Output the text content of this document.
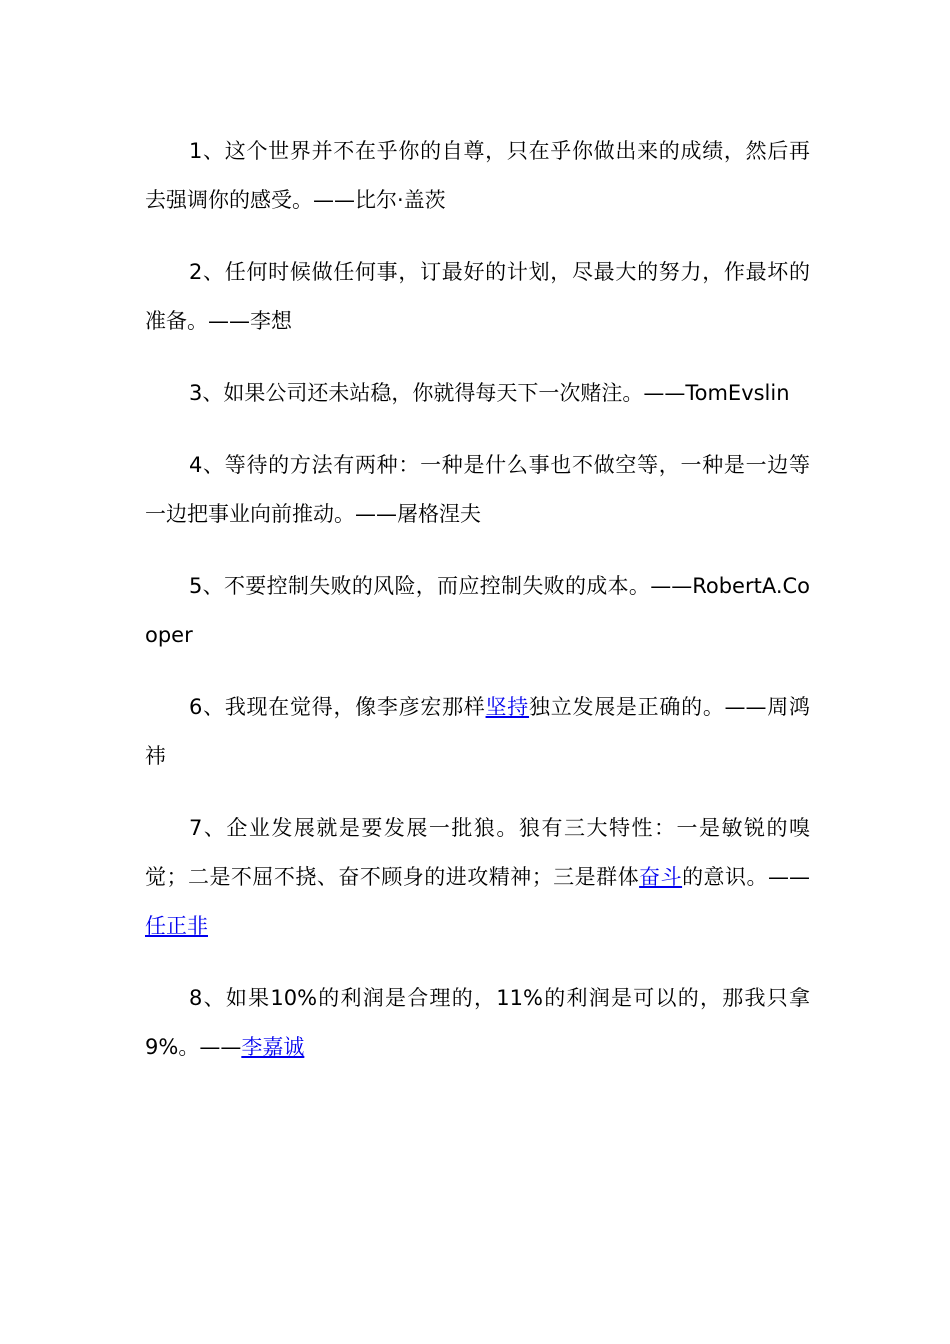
1、这个世界并不在乎你的自尊，只在乎你做出来的成绩，然后再去强调你的感受。——比尔·盖茨

2、任何时候做任何事，订最好的计划，尽最大的努力，作最坏的准备。——李想

3、如果公司还未站稳，你就得每天下一次赌注。——TomEvslin

4、等待的方法有两种：一种是什么事也不做空等，一种是一边等一边把事业向前推动。——屠格涅夫

5、不要控制失败的风险，而应控制失败的成本。——RobertA.Cooper

6、我现在觉得，像李彦宏那样坚持独立发展是正确的。——周鸿祎

7、企业发展就是要发展一批狼。狼有三大特性：一是敏锐的嗅觉；二是不屈不挠、奋不顾身的进攻精神；三是群体奋斗的意识。——任正非

8、如果10%的利润是合理的，11%的利润是可以的，那我只拿9%。——李嘉诚
